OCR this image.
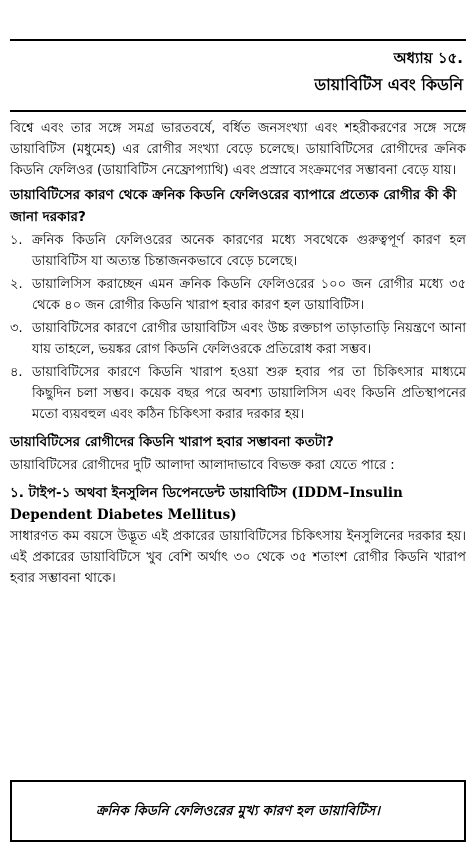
অধ্যায় ১৫.
ডায়াবিটিস এবং কিডনি

বিশ্বে এবং তার সঙ্গে সমগ্র ভারতবর্ষে, বর্ধিত জনসংখ্যা এবং শহরীকরণের সঙ্গে সঙ্গে ডায়াবিটিস (মধুমেহ) এর রোগীর সংখ্যা বেড়ে চলেছে। ডায়াবিটিসের রোগীদের ক্রনিক কিডনি ফেলিওর (ডায়াবিটিস নেফ্রোপ্যাথি) এবং প্রস্রাবে সংক্রমণের সম্ভাবনা বেড়ে যায়।

ডায়াবিটিসের কারণ থেকে ক্রনিক কিডনি ফেলিওরের ব্যাপারে প্রত্যেক রোগীর কী কী জানা দরকার?
১. ক্রনিক কিডনি ফেলিওরের অনেক কারণের মধ্যে সবথেকে গুরুত্বপূর্ণ কারণ হল ডায়াবিটিস যা অত্যন্ত চিন্তাজনকভাবে বেড়ে চলেছে।
২. ডায়ালিসিস করাচ্ছেন এমন ক্রনিক কিডনি ফেলিওরের ১০০ জন রোগীর মধ্যে ৩৫ থেকে ৪০ জন রোগীর কিডনি খারাপ হবার কারণ হল ডায়াবিটিস।
৩. ডায়াবিটিসের কারণে রোগীর ডায়াবিটিস এবং উচ্চ রক্তচাপ তাড়াতাড়ি নিয়ন্ত্রণে আনা যায় তাহলে, ভয়ঙ্কর রোগ কিডনি ফেলিওরকে প্রতিরোধ করা সম্ভব।
৪. ডায়াবিটিসের কারণে কিডনি খারাপ হওয়া শুরু হবার পর তা চিকিৎসার মাধ্যমে কিছুদিন চলা সম্ভব। কয়েক বছর পরে অবশ্য ডায়ালিসিস এবং কিডনি প্রতিস্থাপনের মতো ব্যয়বহুল এবং কঠিন চিকিৎসা করার দরকার হয়।
ডায়াবিটিসের রোগীদের কিডনি খারাপ হবার সম্ভাবনা কতটা?

ডায়াবিটিসের রোগীদের দুটি আলাদা আলাদাভাবে বিভক্ত করা যেতে পারে :

১. টাইপ-১ অথবা ইনসুলিন ডিপেনডেন্ট ডায়াবিটিস (IDDM–Insulin Dependent Diabetes Mellitus)

সাধারণত কম বয়সে উদ্ভূত এই প্রকারের ডায়াবিটিসের চিকিৎসায় ইনসুলিনের দরকার হয়। এই প্রকারের ডায়াবিটিসে খুব বেশি অর্থাৎ ৩০ থেকে ৩৫ শতাংশ রোগীর কিডনি খারাপ হবার সম্ভাবনা থাকে।

ক্রনিক কিডনি ফেলিওরের মুখ্য কারণ হল ডায়াবিটিস।
